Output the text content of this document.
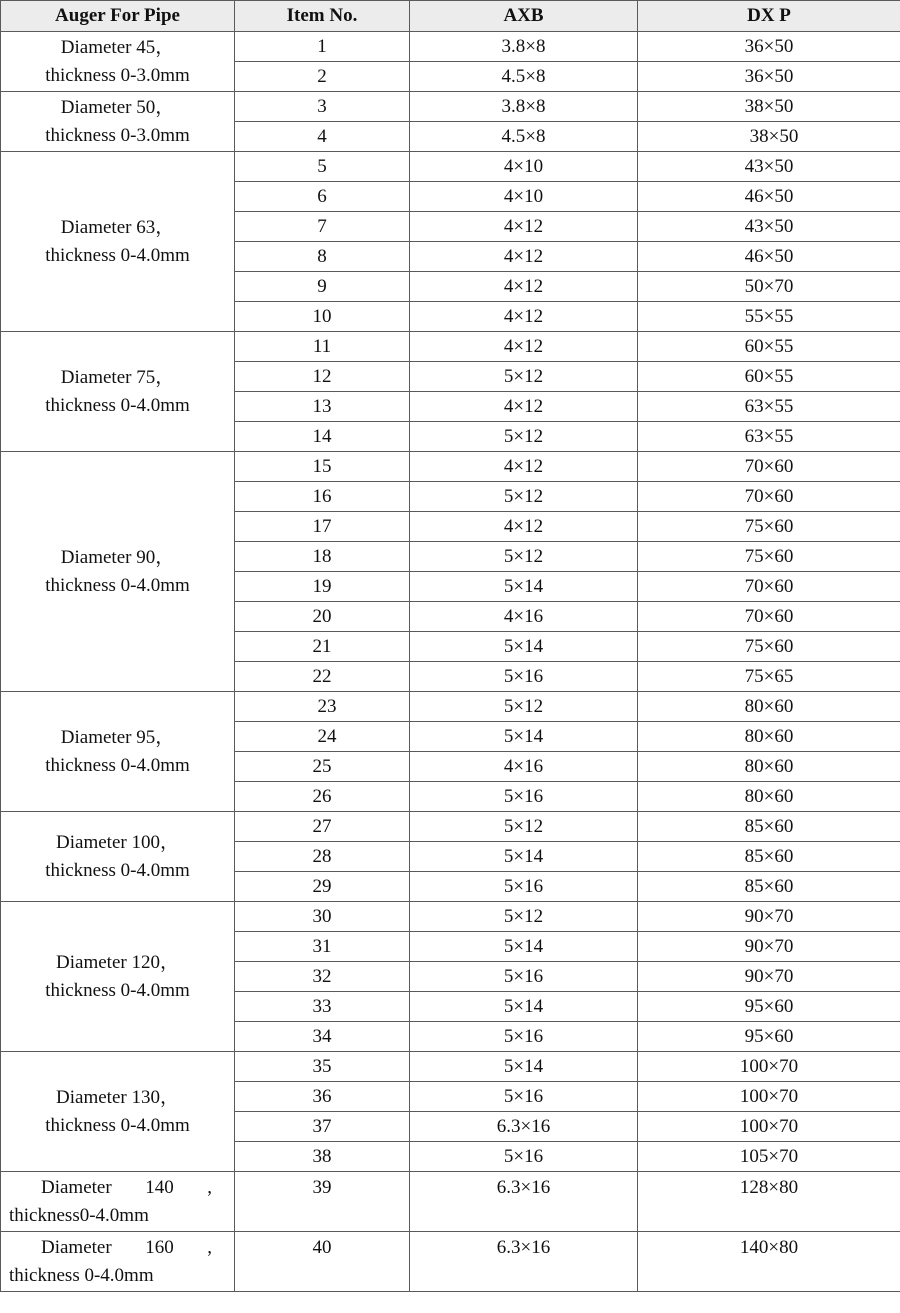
Auger For Pipe	Item No.	AXB	DX P

Diameter 45，
thickness 0-3.0mm	1	3.8×8	36×50
	2	4.5×8	36×50

Diameter 50，
thickness 0-3.0mm	3	3.8×8	38×50
	4	4.5×8	38×50

Diameter 63，
thickness 0-4.0mm	5	4×10	43×50
	6	4×10	46×50
	7	4×12	43×50
	8	4×12	46×50
	9	4×12	50×70
	10	4×12	55×55

Diameter 75，
thickness 0-4.0mm	11	4×12	60×55
	12	5×12	60×55
	13	4×12	63×55
	14	5×12	63×55

Diameter 90，
thickness 0-4.0mm	15	4×12	70×60
	16	5×12	70×60
	17	4×12	75×60
	18	5×12	75×60
	19	5×14	70×60
	20	4×16	70×60
	21	5×14	75×60
	22	5×16	75×65

Diameter 95，
thickness 0-4.0mm	23	5×12	80×60
	24	5×14	80×60
	25	4×16	80×60
	26	5×16	80×60

Diameter 100，
thickness 0-4.0mm	27	5×12	85×60
	28	5×14	85×60
	29	5×16	85×60

Diameter 120，
thickness 0-4.0mm	30	5×12	90×70
	31	5×14	90×70
	32	5×16	90×70
	33	5×14	95×60
	34	5×16	95×60

Diameter 130，
thickness 0-4.0mm	35	5×14	100×70
	36	5×16	100×70
	37	6.3×16	100×70
	38	5×16	105×70

Diameter 140 ,
thickness0-4.0mm	39	6.3×16	128×80

Diameter 160 ,
thickness 0-4.0mm	40	6.3×16	140×80
